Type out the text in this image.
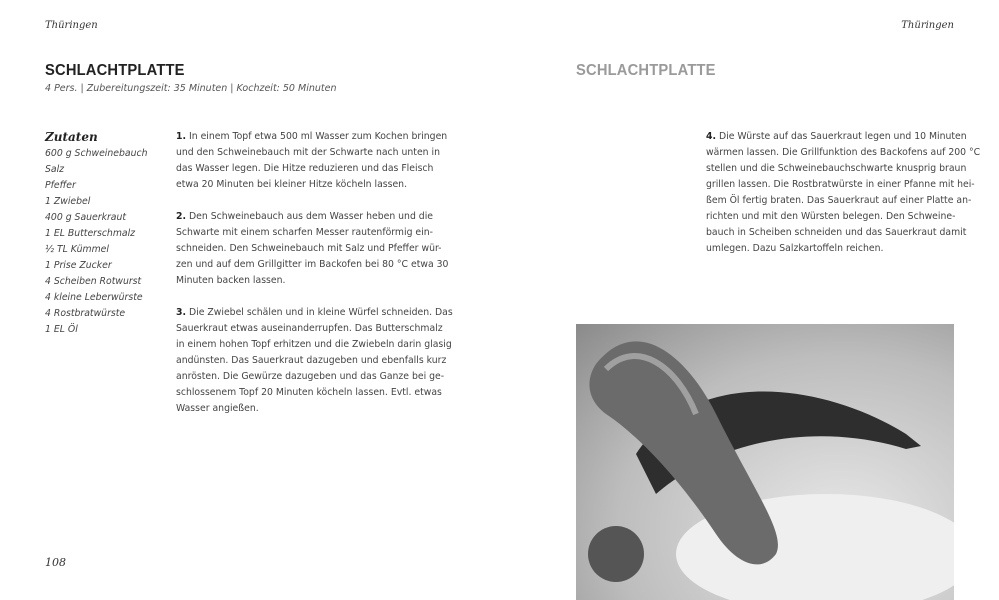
Thüringen	Thüringen
SCHLACHTPLATTE
4 Pers. | Zubereitungszeit: 35 Minuten | Kochzeit: 50 Minuten
Zutaten
600 g Schweinebauch
Salz
Pfeffer
1 Zwiebel
400 g Sauerkraut
1 EL Butterschmalz
½ TL Kümmel
1 Prise Zucker
4 Scheiben Rotwurst
4 kleine Leberwürste
4 Rostbratwürste
1 EL Öl
1. In einem Topf etwa 500 ml Wasser zum Kochen bringen
und den Schweinebauch mit der Schwarte nach unten in
das Wasser legen. Die Hitze reduzieren und das Fleisch
etwa 20 Minuten bei kleiner Hitze köcheln lassen.
2. Den Schweinebauch aus dem Wasser heben und die
Schwarte mit einem scharfen Messer rautenförmig ein-
schneiden. Den Schweinebauch mit Salz und Pfeffer wür-
zen und auf dem Grillgitter im Backofen bei 80 °C etwa 30
Minuten backen lassen.
3. Die Zwiebel schälen und in kleine Würfel schneiden. Das
Sauerkraut etwas auseinanderrupfen. Das Butterschmalz
in einem hohen Topf erhitzen und die Zwiebeln darin glasig
andünsten. Das Sauerkraut dazugeben und ebenfalls kurz
anrösten. Die Gewürze dazugeben und das Ganze bei ge-
schlossenem Topf 20 Minuten köcheln lassen. Evtl. etwas
Wasser angießen.
SCHLACHTPLATTE
4. Die Würste auf das Sauerkraut legen und 10 Minuten
wärmen lassen. Die Grillfunktion des Backofens auf 200 °C
stellen und die Schweinebauchschwarte knusprig braun
grillen lassen. Die Rostbratwürste in einer Pfanne mit hei-
ßem Öl fertig braten. Das Sauerkraut auf einer Platte an-
richten und mit den Würsten belegen. Den Schweine-
bauch in Scheiben schneiden und das Sauerkraut damit
umlegen. Dazu Salzkartoffeln reichen.
108
